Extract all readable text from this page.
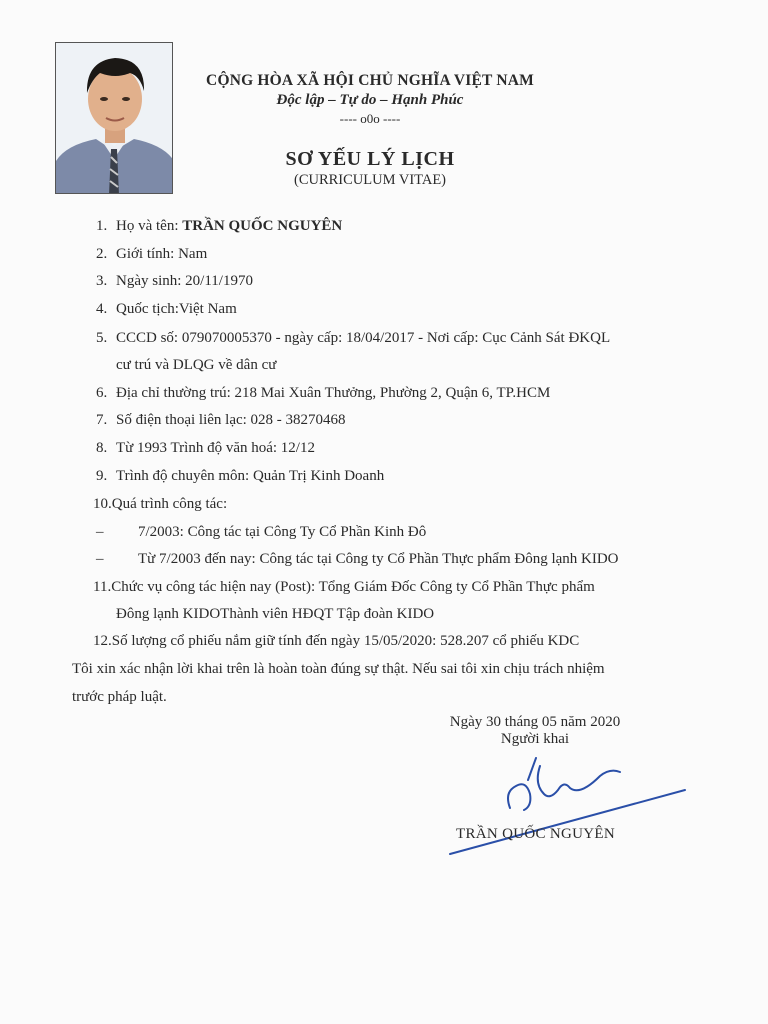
CỘNG HÒA XÃ HỘI CHỦ NGHĨA VIỆT NAM
Độc lập – Tự do – Hạnh Phúc
---- o0o ----
SƠ YẾU LÝ LỊCH
(CURRICULUM VITAE)
1. Họ và tên: TRẦN QUỐC NGUYÊN
2. Giới tính: Nam
3. Ngày sinh: 20/11/1970
4. Quốc tịch:Việt Nam
5. CCCD số: 079070005370 - ngày cấp: 18/04/2017 - Nơi cấp: Cục Cảnh Sát ĐKQL
cư trú và DLQG về dân cư
6. Địa chỉ thường trú: 218 Mai Xuân Thưởng, Phường 2, Quận 6, TP.HCM
7. Số điện thoại liên lạc: 028 - 38270468
8. Từ 1993 Trình độ văn hoá: 12/12
9. Trình độ chuyên môn: Quản Trị Kinh Doanh
10.Quá trình công tác:
– 7/2003: Công tác tại Công Ty Cổ Phần Kinh Đô
– Từ 7/2003 đến nay: Công tác tại Công ty Cổ Phần Thực phẩm Đông lạnh KIDO
11.Chức vụ công tác hiện nay (Post): Tổng Giám Đốc Công ty Cổ Phần Thực phẩm
Đông lạnh KIDOThành viên HĐQT Tập đoàn KIDO
12.Số lượng cổ phiếu nắm giữ tính đến ngày 15/05/2020: 528.207 cổ phiếu KDC
Tôi xin xác nhận lời khai trên là hoàn toàn đúng sự thật. Nếu sai tôi xin chịu trách nhiệm
trước pháp luật.
Ngày 30 tháng 05 năm 2020
Người khai
TRẦN QUỐC NGUYÊN
